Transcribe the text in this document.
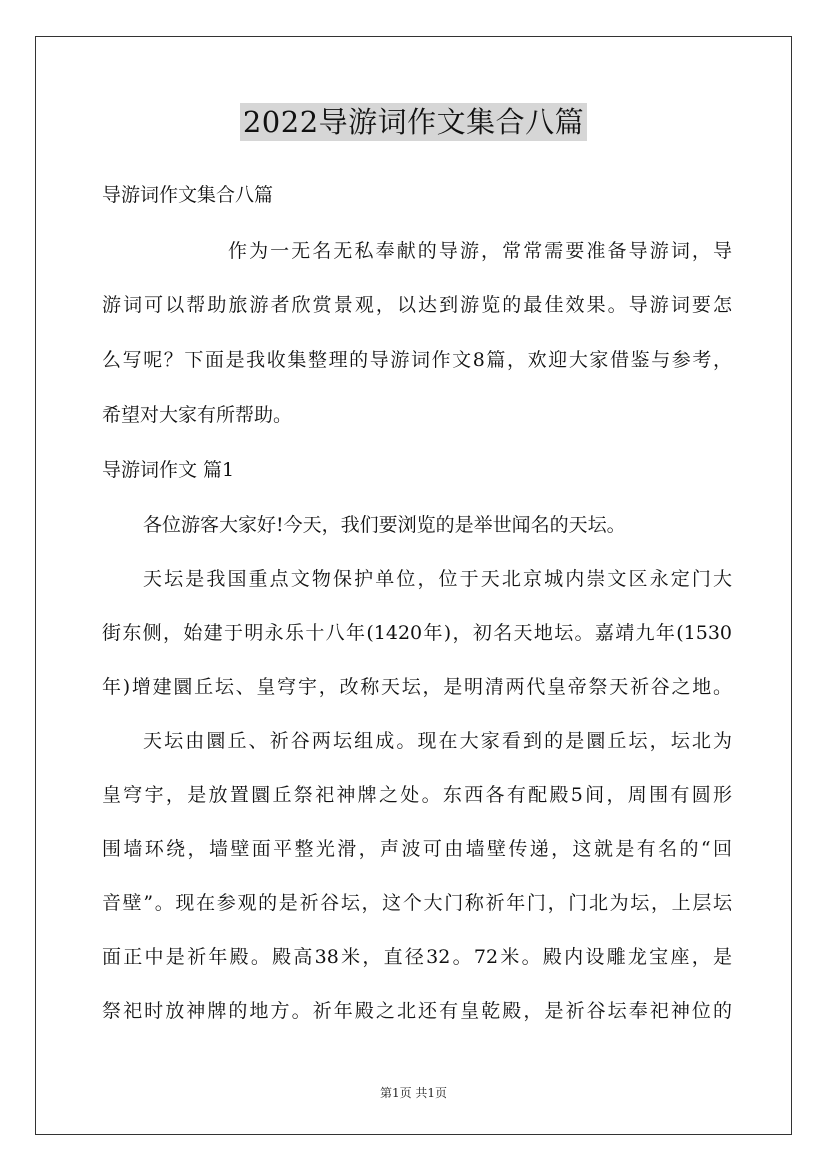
2022导游词作文集合八篇
导游词作文集合八篇
作为一无名无私奉献的导游，常常需要准备导游词，导
游词可以帮助旅游者欣赏景观，以达到游览的最佳效果。导游词要怎
么写呢？下面是我收集整理的导游词作文8篇，欢迎大家借鉴与参考，
希望对大家有所帮助。
导游词作文 篇1
各位游客大家好!今天，我们要浏览的是举世闻名的天坛。
天坛是我国重点文物保护单位，位于天北京城内崇文区永定门大
街东侧，始建于明永乐十八年(1420年)，初名天地坛。嘉靖九年(1530
年)增建圜丘坛、皇穹宇，改称天坛，是明清两代皇帝祭天祈谷之地。
天坛由圜丘、祈谷两坛组成。现在大家看到的是圜丘坛，坛北为
皇穹宇，是放置圜丘祭祀神牌之处。东西各有配殿5间，周围有圆形
围墙环绕，墙壁面平整光滑，声波可由墙壁传递，这就是有名的“回
音壁”。现在参观的是祈谷坛，这个大门称祈年门，门北为坛，上层坛
面正中是祈年殿。殿高38米，直径32。72米。殿内设雕龙宝座，是
祭祀时放神牌的地方。祈年殿之北还有皇乾殿，是祈谷坛奉祀神位的
第1页 共1页
